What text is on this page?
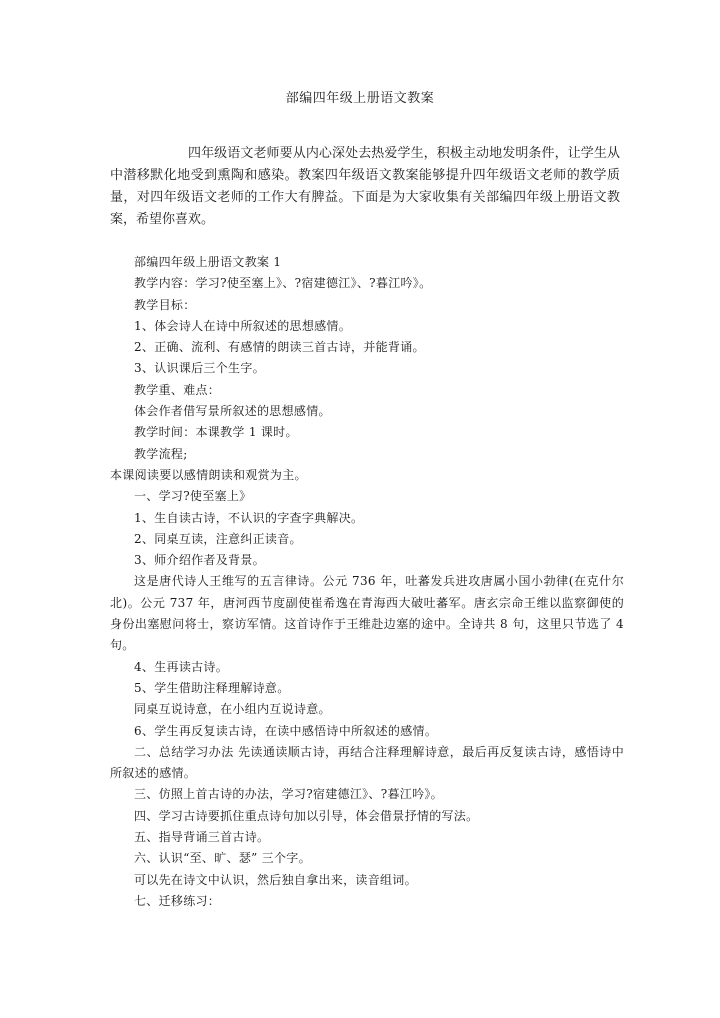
部编四年级上册语文教案

四年级语文老师要从内心深处去热爱学生，积极主动地发明条件，让学生从中潜移默化地受到熏陶和感染。教案四年级语文教案能够提升四年级语文老师的教学质量，对四年级语文老师的工作大有脾益。下面是为大家收集有关部编四年级上册语文教案，希望你喜欢。

部编四年级上册语文教案 1
教学内容：学习?使至塞上》、?宿建德江》、?暮江吟》。
教学目标：
1、体会诗人在诗中所叙述的思想感情。
2、正确、流利、有感情的朗读三首古诗，并能背诵。
3、认识课后三个生字。
教学重、难点：
体会作者借写景所叙述的思想感情。
教学时间：本课教学 1 课时。
教学流程;
本课阅读要以感情朗读和观赏为主。
一、学习?使至塞上》
1、生自读古诗，不认识的字查字典解决。
2、同桌互读，注意纠正读音。
3、师介绍作者及背景。
这是唐代诗人王维写的五言律诗。公元 736 年，吐蕃发兵进攻唐属小国小勃律(在克什尔北)。公元 737 年，唐河西节度副使崔希逸在青海西大破吐蕃军。唐玄宗命王维以监察御使的身份出塞慰问将士，察访军情。这首诗作于王维赴边塞的途中。全诗共 8 句，这里只节选了 4 句。
4、生再读古诗。
5、学生借助注释理解诗意。
同桌互说诗意，在小组内互说诗意。
6、学生再反复读古诗，在读中感悟诗中所叙述的感情。
二、总结学习办法 先读通读顺古诗，再结合注释理解诗意，最后再反复读古诗，感悟诗中所叙述的感情。
三、仿照上首古诗的办法，学习?宿建德江》、?暮江吟》。
四、学习古诗要抓住重点诗句加以引导，体会借景抒情的写法。
五、指导背诵三首古诗。
六、认识“至、旷、瑟” 三个字。
可以先在诗文中认识，然后独自拿出来，读音组词。
七、迁移练习：
